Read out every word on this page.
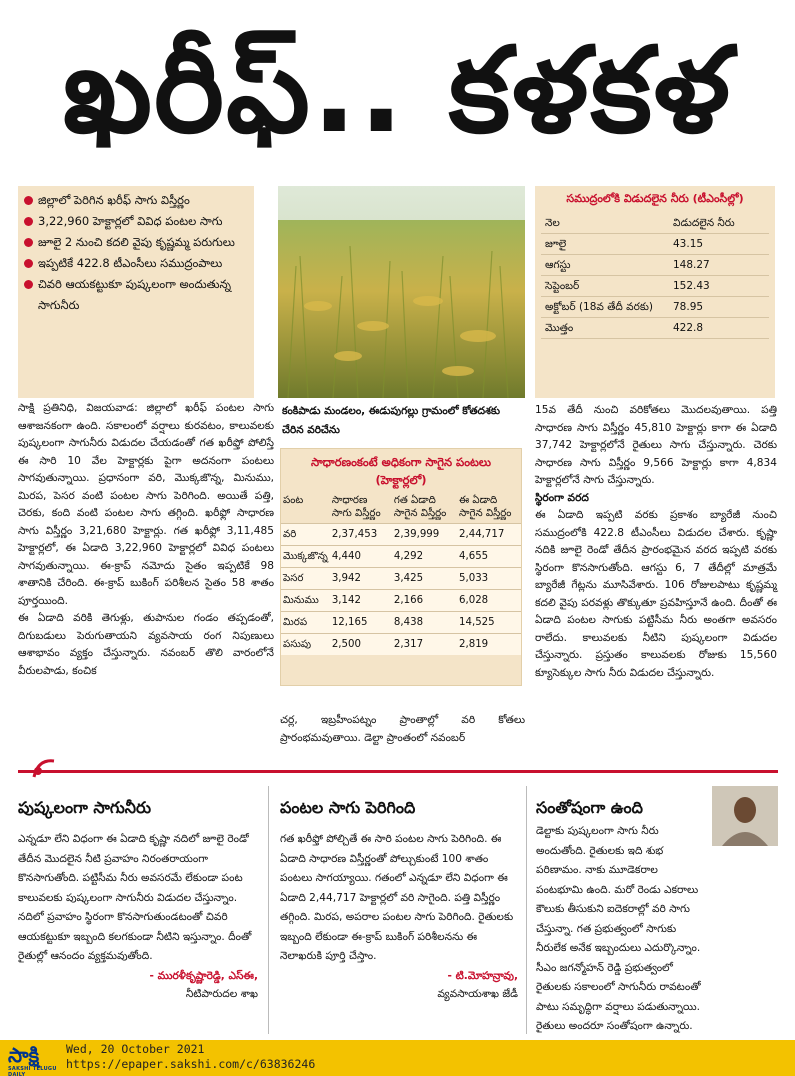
ఖరీఫ్.. కళకళ
జిల్లాలో పెరిగిన ఖరీఫ్ సాగు విస్తీర్ణం
3,22,960 హెక్టార్లలో వివిధ పంటల సాగు
జూలై 2 నుంచి కదలి వైపు కృష్ణమ్మ పరుగులు
ఇప్పటికే 422.8 టీఎంసీలు సముద్రంపాలు
చివరి ఆయకట్టుకూ పుష్కలంగా అందుతున్న సాగునీరు
కంకిపాడు మండలం, ఈడుపుగల్లు గ్రామంలో కోతదశకు చేరిన వరిచేను
సముద్రంలోకి విడుదలైన నీరు (టీఎంసీల్లో)
నెల	విడుదలైన నీరు
జూలై	43.15
ఆగస్టు	148.27
సెప్టెంబర్	152.43
అక్టోబర్ (18వ తేదీ వరకు)	78.95
మొత్తం	422.8

సాక్షి ప్రతినిధి, విజయవాడ: జిల్లాలో ఖరీఫ్ పంటల సాగు ఆశాజనకంగా ఉంది. సకాలంలో వర్షాలు కురవటం, కాలువలకు పుష్కలంగా సాగునీరు విడుదల చేయడంతో గత ఖరీఫ్తో పోలిస్తే ఈ సారి 10 వేల హెక్టార్లకు పైగా అదనంగా పంటలు సాగవుతున్నాయి. ప్రధానంగా వరి, మొక్కజొన్న, మినుము, మిరప, పెసర వంటి పంటల సాగు పెరిగింది. అయితే పత్తి, చెరకు, కంది వంటి పంటల సాగు తగ్గింది. ఖరీఫ్లో సాధారణ సాగు విస్తీర్ణం 3,21,680 హెక్టార్లు. గత ఖరీఫ్లో 3,11,485 హెక్టార్లలో, ఈ ఏడాది 3,22,960 హెక్టార్లలో వివిధ పంటలు సాగవుతున్నాయి. ఈ-క్రాప్ నమోదు సైతం ఇప్పటికే 98 శాతానికి చేరింది. ఈ-క్రాప్ బుకింగ్ పరిశీలన సైతం 58 శాతం పూర్తయింది.

ఈ ఏడాది వరికి తెగుళ్లు, తుపానుల గండం తప్పడంతో, దిగుబడులు పెరుగుతాయని వ్యవసాయ రంగ నిపుణులు ఆశాభావం వ్యక్తం చేస్తున్నారు. నవంబర్ తొలి వారంలోనే వీరులపాడు, కంచిక

సాధారణంకంటే అధికంగా సాగైన పంటలు (హెక్టార్లలో)
పంట	సాధారణ సాగు విస్తీర్ణం	గత ఏడాది సాగైన విస్తీర్ణం	ఈ ఏడాది సాగైన విస్తీర్ణం
వరి	2,37,453	2,39,999	2,44,717
మొక్కజొన్న	4,440	4,292	4,655
పెసర	3,942	3,425	5,033
మినుము	3,142	2,166	6,028
మిరప	12,165	8,438	14,525
పసుపు	2,500	2,317	2,819
చర్ల, ఇబ్రహీంపట్నం ప్రాంతాల్లో వరి కోతలు ప్రారంభమవుతాయి. డెల్టా ప్రాంతంలో నవంబర్

15వ తేదీ నుంచి వరికోతలు మొదలవుతాయి. పత్తి సాధారణ సాగు విస్తీర్ణం 45,810 హెక్టార్లు కాగా ఈ ఏడాది 37,742 హెక్టార్లలోనే రైతులు సాగు చేస్తున్నారు. చెరకు సాధారణ సాగు విస్తీర్ణం 9,566 హెక్టార్లు కాగా 4,834 హెక్టార్లలోనే సాగు చేస్తున్నారు.

స్థిరంగా వరద

ఈ ఏడాది ఇప్పటి వరకు ప్రకాశం బ్యారేజీ నుంచి సముద్రంలోకి 422.8 టీఎంసీలు విడుదల చేశారు. కృష్ణా నదికి జూలై రెండో తేదీన ప్రారంభమైన వరద ఇప్పటి వరకు స్థిరంగా కొనసాగుతోంది. ఆగస్టు 6, 7 తేదీల్లో మాత్రమే బ్యారేజీ గేట్లను మూసివేశారు. 106 రోజులపాటు కృష్ణమ్మ కదలి వైపు పరవళ్లు తొక్కుతూ ప్రవహిస్తూనే ఉంది. దీంతో ఈ ఏడాది పంటల సాగుకు పట్టిసీమ నీరు అంతగా అవసరం రాలేదు. కాలువలకు నీటిని పుష్కలంగా విడుదల చేస్తున్నారు. ప్రస్తుతం కాలువలకు రోజుకు 15,560 క్యూసెక్కుల సాగు నీరు విడుదల చేస్తున్నారు.

పుష్కలంగా సాగునీరు
ఎన్నడూ లేని విధంగా ఈ ఏడాది కృష్ణా నదిలో జూలై రెండో తేదీన మొదలైన నీటి ప్రవాహం నిరంతరాయంగా కొనసాగుతోంది. పట్టిసీమ నీరు అవసరమే లేకుండా పంట కాలువలకు పుష్కలంగా సాగునీరు విడుదల చేస్తున్నాం. నదిలో ప్రవాహం స్థిరంగా కొనసాగుతుండటంతో చివరి ఆయకట్టుకూ ఇబ్బంది కలగకుండా నీటిని ఇస్తున్నాం. దీంతో రైతుల్లో ఆనందం వ్యక్తమవుతోంది.
- మురళీకృష్ణారెడ్డి, ఎస్ఈ,
నీటిపారుదల శాఖ
పంటల సాగు పెరిగింది
గత ఖరీఫ్తో పోల్చితే ఈ సారి పంటల సాగు పెరిగింది. ఈ ఏడాది సాధారణ విస్తీర్ణంతో పోల్చుకుంటే 100 శాతం పంటలు సాగయ్యాయి. గతంలో ఎన్నడూ లేని విధంగా ఈ ఏడాది 2,44,717 హెక్టార్లలో వరి సాగైంది. పత్తి విస్తీర్ణం తగ్గింది. మిరప, అపరాల పంటల సాగు పెరిగింది. రైతులకు ఇబ్బంది లేకుండా ఈ-క్రాప్ బుకింగ్ పరిశీలనను ఈ నెలాఖరుకి పూర్తి చేస్తాం.
- టి.మోహన్రావు,
వ్యవసాయశాఖ జేడీ
సంతోషంగా ఉంది
డెల్టాకు పుష్కలంగా సాగు నీరు అందుతోంది. రైతులకు ఇది శుభ పరిణామం. నాకు మూడెకరాల పంటభూమి ఉంది. మరో రెండు ఎకరాలు కౌలుకు తీసుకుని ఐదెకరాల్లో వరి సాగు చేస్తున్నా. గత ప్రభుత్వంలో సాగుకు నీరులేక అనేక ఇబ్బందులు ఎదుర్కొన్నాం. సీఎం జగన్మోహన్ రెడ్డి ప్రభుత్వంలో రైతులకు సకాలంలో సాగునీరు రావటంతో పాటు సమృద్ధిగా వర్షాలు పడుతున్నాయి. రైతులు అందరూ సంతోషంగా ఉన్నారు.
సాక్షి
SAKSHI TELUGU DAILY
Wed, 20 October 2021
https://epaper.sakshi.com/c/63836246
